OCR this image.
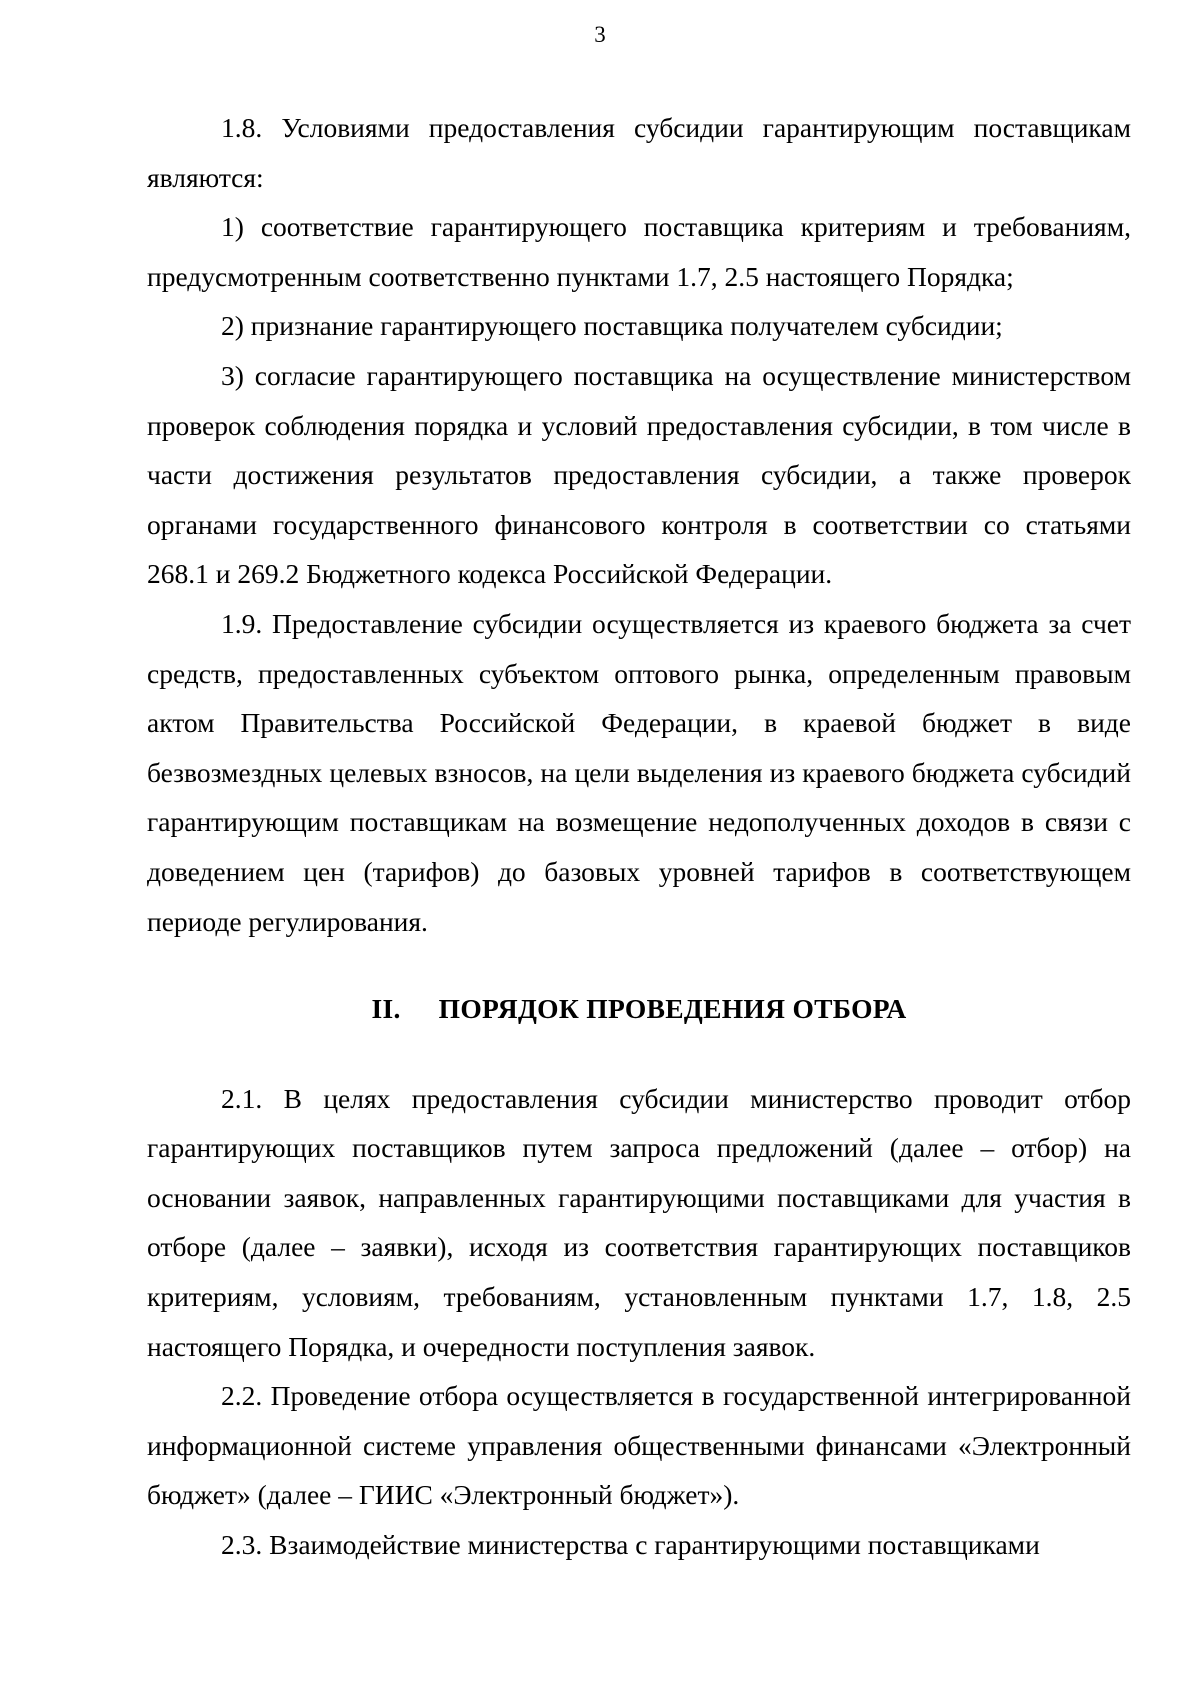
3

1.8. Условиями предоставления субсидии гарантирующим поставщикам являются:

1) соответствие гарантирующего поставщика критериям и требованиям, предусмотренным соответственно пунктами 1.7, 2.5 настоящего Порядка;

2) признание гарантирующего поставщика получателем субсидии;

3) согласие гарантирующего поставщика на осуществление министерством проверок соблюдения порядка и условий предоставления субсидии, в том числе в части достижения результатов предоставления субсидии, а также проверок органами государственного финансового контроля в соответствии со статьями 268.1 и 269.2 Бюджетного кодекса Российской Федерации.

1.9. Предоставление субсидии осуществляется из краевого бюджета за счет средств, предоставленных субъектом оптового рынка, определенным правовым актом Правительства Российской Федерации, в краевой бюджет в виде безвозмездных целевых взносов, на цели выделения из краевого бюджета субсидий гарантирующим поставщикам на возмещение недополученных доходов в связи с доведением цен (тарифов) до базовых уровней тарифов в соответствующем периоде регулирования.

II. ПОРЯДОК ПРОВЕДЕНИЯ ОТБОРА

2.1. В целях предоставления субсидии министерство проводит отбор гарантирующих поставщиков путем запроса предложений (далее – отбор) на основании заявок, направленных гарантирующими поставщиками для участия в отборе (далее – заявки), исходя из соответствия гарантирующих поставщиков критериям, условиям, требованиям, установленным пунктами 1.7, 1.8, 2.5 настоящего Порядка, и очередности поступления заявок.

2.2. Проведение отбора осуществляется в государственной интегрированной информационной системе управления общественными финансами «Электронный бюджет» (далее – ГИИС «Электронный бюджет»).

2.3. Взаимодействие министерства с гарантирующими поставщиками
